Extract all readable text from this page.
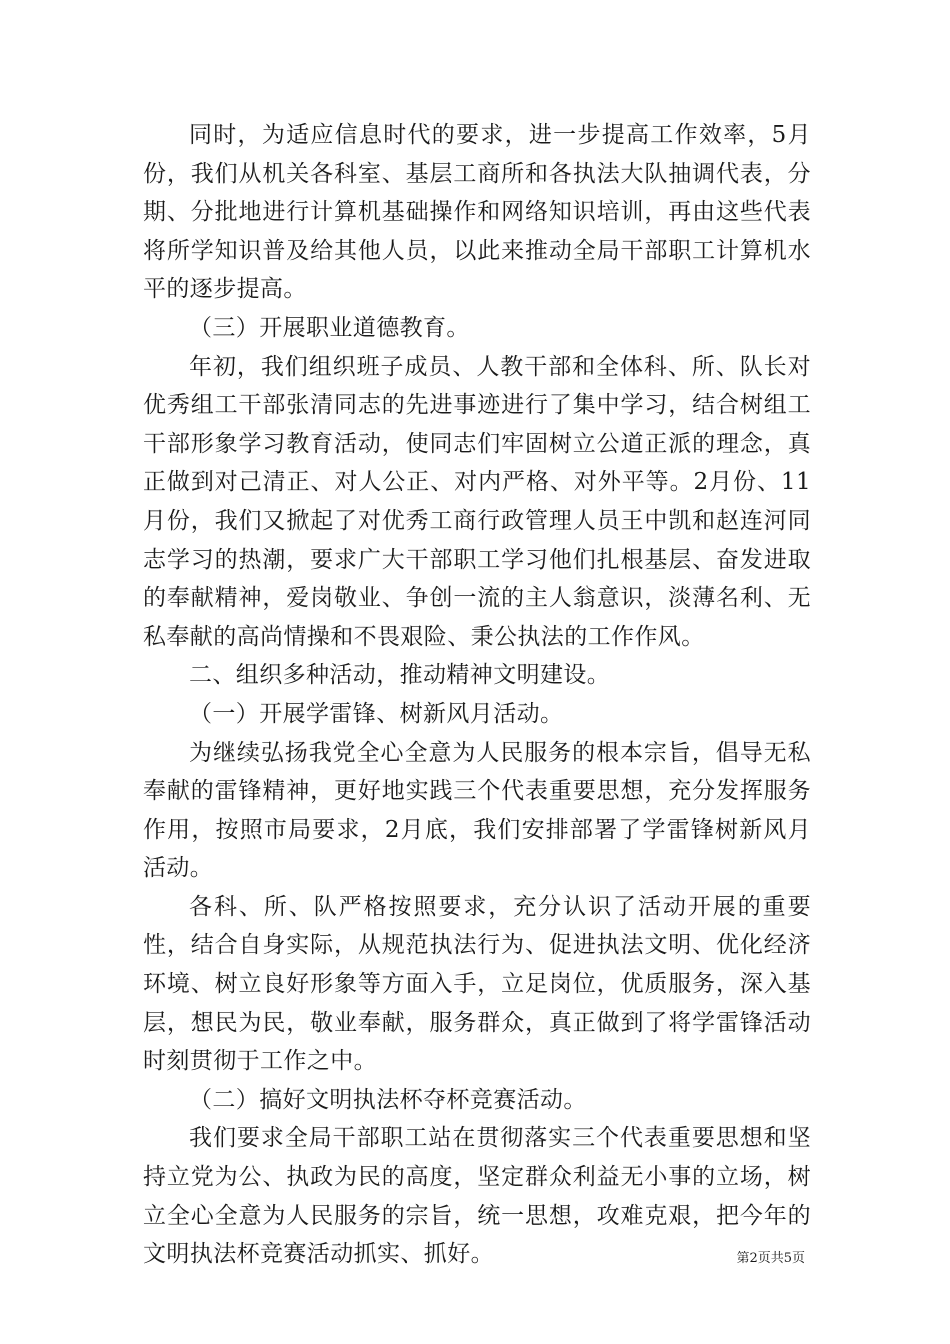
同时，为适应信息时代的要求，进一步提高工作效率，5月份，我们从机关各科室、基层工商所和各执法大队抽调代表，分期、分批地进行计算机基础操作和网络知识培训，再由这些代表将所学知识普及给其他人员，以此来推动全局干部职工计算机水平的逐步提高。

（三）开展职业道德教育。

年初，我们组织班子成员、人教干部和全体科、所、队长对优秀组工干部张清同志的先进事迹进行了集中学习，结合树组工干部形象学习教育活动，使同志们牢固树立公道正派的理念，真正做到对己清正、对人公正、对内严格、对外平等。2月份、11月份，我们又掀起了对优秀工商行政管理人员王中凯和赵连河同志学习的热潮，要求广大干部职工学习他们扎根基层、奋发进取的奉献精神，爱岗敬业、争创一流的主人翁意识，淡薄名利、无私奉献的高尚情操和不畏艰险、秉公执法的工作作风。

二、组织多种活动，推动精神文明建设。

（一）开展学雷锋、树新风月活动。

为继续弘扬我党全心全意为人民服务的根本宗旨，倡导无私奉献的雷锋精神，更好地实践三个代表重要思想，充分发挥服务作用，按照市局要求，2月底，我们安排部署了学雷锋树新风月活动。

各科、所、队严格按照要求，充分认识了活动开展的重要性，结合自身实际，从规范执法行为、促进执法文明、优化经济环境、树立良好形象等方面入手，立足岗位，优质服务，深入基层，想民为民，敬业奉献，服务群众，真正做到了将学雷锋活动时刻贯彻于工作之中。

（二）搞好文明执法杯夺杯竞赛活动。

我们要求全局干部职工站在贯彻落实三个代表重要思想和坚持立党为公、执政为民的高度，坚定群众利益无小事的立场，树立全心全意为人民服务的宗旨，统一思想，攻难克艰，把今年的文明执法杯竞赛活动抓实、抓好。	第2页共5页
